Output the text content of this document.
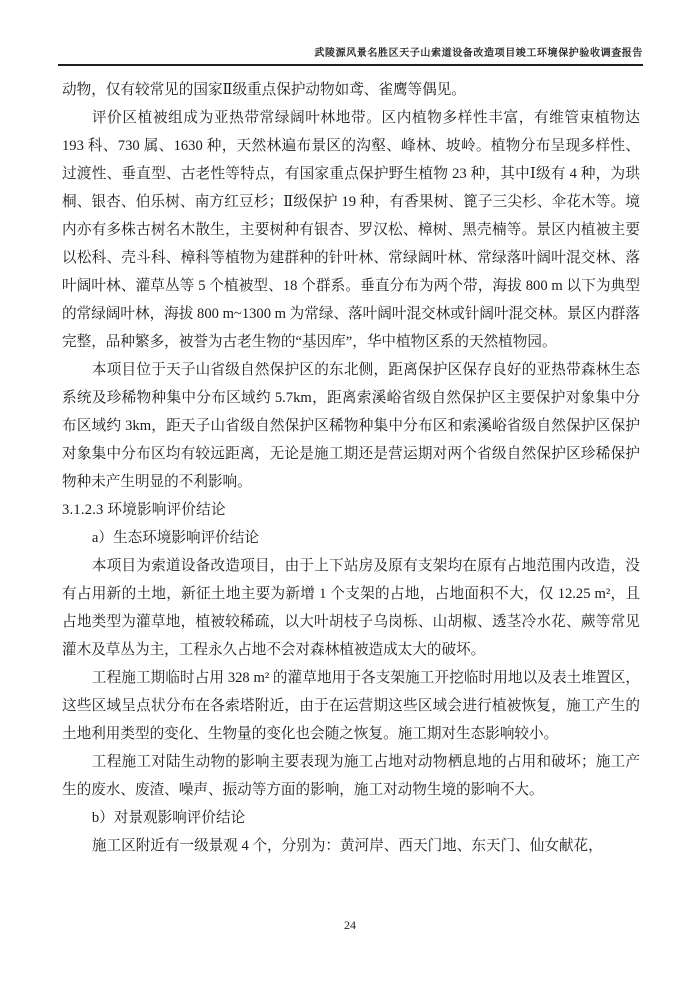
武陵源风景名胜区天子山索道设备改造项目竣工环境保护验收调查报告

动物，仅有较常见的国家Ⅱ级重点保护动物如鸢、雀鹰等偶见。

评价区植被组成为亚热带常绿阔叶林地带。区内植物多样性丰富，有维管束植物达 193 科、730 属、1630 种，天然林遍布景区的沟壑、峰林、坡岭。植物分布呈现多样性、过渡性、垂直型、古老性等特点，有国家重点保护野生植物 23 种，其中Ⅰ级有 4 种，为珙桐、银杏、伯乐树、南方红豆杉；Ⅱ级保护 19 种，有香果树、篦子三尖杉、伞花木等。境内亦有多株古树名木散生，主要树种有银杏、罗汉松、樟树、黑壳楠等。景区内植被主要以松科、壳斗科、樟科等植物为建群种的针叶林、常绿阔叶林、常绿落叶阔叶混交林、落叶阔叶林、灌草丛等 5 个植被型、18 个群系。垂直分布为两个带，海拔 800 m 以下为典型的常绿阔叶林，海拔 800 m~1300 m 为常绿、落叶阔叶混交林或针阔叶混交林。景区内群落完整，品种繁多，被誉为古老生物的“基因库”，华中植物区系的天然植物园。

本项目位于天子山省级自然保护区的东北侧，距离保护区保存良好的亚热带森林生态系统及珍稀物种集中分布区域约 5.7km，距离索溪峪省级自然保护区主要保护对象集中分布区域约 3km，距天子山省级自然保护区稀物种集中分布区和索溪峪省级自然保护区保护对象集中分布区均有较远距离，无论是施工期还是营运期对两个省级自然保护区珍稀保护物种未产生明显的不利影响。

3.1.2.3 环境影响评价结论

a）生态环境影响评价结论

本项目为索道设备改造项目，由于上下站房及原有支架均在原有占地范围内改造，没有占用新的土地，新征土地主要为新增 1 个支架的占地，占地面积不大，仅 12.25 m²，且占地类型为灌草地，植被较稀疏，以大叶胡枝子乌岗栎、山胡椒、透茎冷水花、蕨等常见灌木及草丛为主，工程永久占地不会对森林植被造成太大的破坏。

工程施工期临时占用 328 m² 的灌草地用于各支架施工开挖临时用地以及表土堆置区，这些区域呈点状分布在各索塔附近，由于在运营期这些区域会进行植被恢复，施工产生的土地利用类型的变化、生物量的变化也会随之恢复。施工期对生态影响较小。

工程施工对陆生动物的影响主要表现为施工占地对动物栖息地的占用和破坏；施工产生的废水、废渣、噪声、振动等方面的影响，施工对动物生境的影响不大。

b）对景观影响评价结论

施工区附近有一级景观 4 个，分别为：黄河岸、西天门地、东天门、仙女献花，

24
